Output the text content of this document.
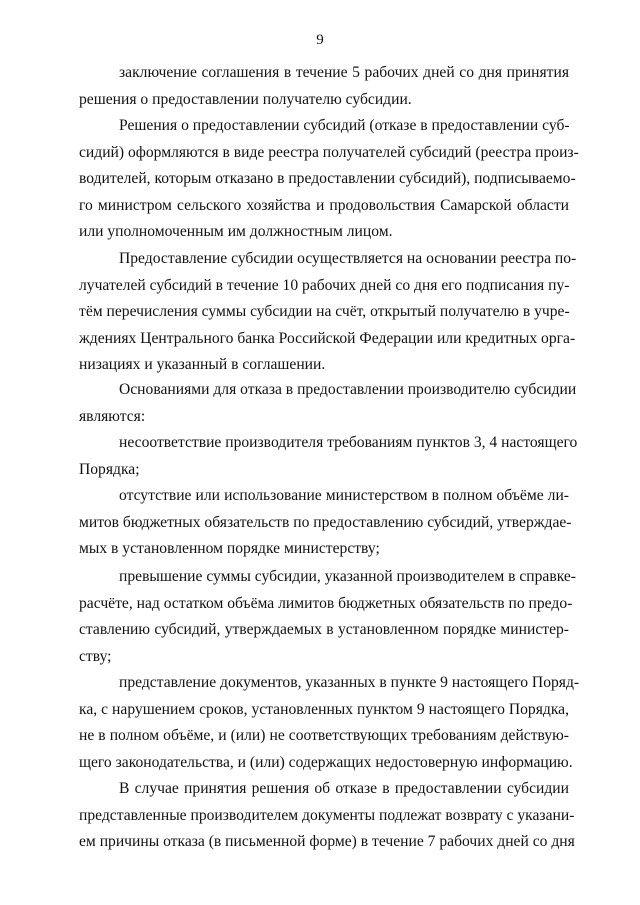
9
заключение соглашения в течение 5 рабочих дней со дня принятия
решения о предоставлении получателю субсидии.
Решения о предоставлении субсидий (отказе в предоставлении суб-
сидий) оформляются в виде реестра получателей субсидий (реестра произ-
водителей, которым отказано в предоставлении субсидий), подписываемо-
го министром сельского хозяйства и продовольствия Самарской области
или уполномоченным им должностным лицом.
Предоставление субсидии осуществляется на основании реестра по-
лучателей субсидий в течение 10 рабочих дней со дня его подписания пу-
тём перечисления суммы субсидии на счёт, открытый получателю в учре-
ждениях Центрального банка Российской Федерации или кредитных орга-
низациях и указанный в соглашении.
Основаниями для отказа в предоставлении производителю субсидии
являются:
несоответствие производителя требованиям пунктов 3, 4 настоящего
Порядка;
отсутствие или использование министерством в полном объёме ли-
митов бюджетных обязательств по предоставлению субсидий, утверждае-
мых в установленном порядке министерству;
превышение суммы субсидии, указанной производителем в справке-
расчёте, над остатком объёма лимитов бюджетных обязательств по предо-
ставлению субсидий, утверждаемых в установленном порядке министер-
ству;
представление документов, указанных в пункте 9 настоящего Поряд-
ка, с нарушением сроков, установленных пунктом 9 настоящего Порядка,
не в полном объёме, и (или) не соответствующих требованиям действую-
щего законодательства, и (или) содержащих недостоверную информацию.
В случае принятия решения об отказе в предоставлении субсидии
представленные производителем документы подлежат возврату с указани-
ем причины отказа (в письменной форме) в течение 7 рабочих дней со дня
